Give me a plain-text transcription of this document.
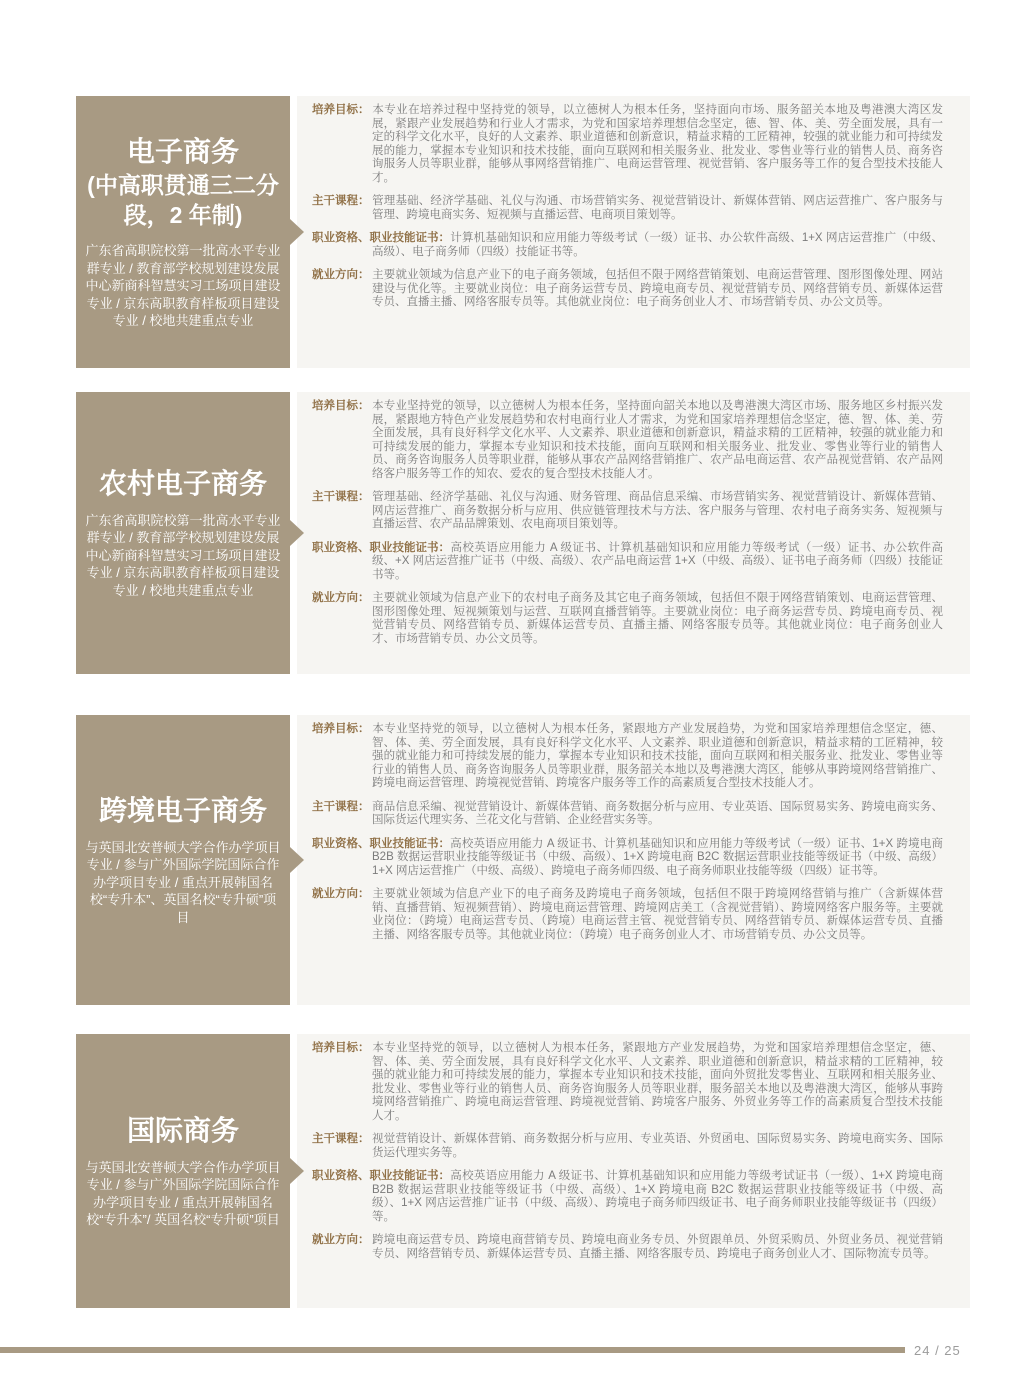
电子商务
(中高职贯通三二分段，2 年制)
广东省高职院校第一批高水平专业群专业 / 教育部学校规划建设发展中心新商科智慧实习工场项目建设专业 / 京东高职教育样板项目建设专业 / 校地共建重点专业

培养目标： 本专业在培养过程中坚持党的领导，以立德树人为根本任务，坚持面向市场、服务韶关本地及粤港澳大湾区发展，紧跟产业发展趋势和行业人才需求，为党和国家培养理想信念坚定，德、智、体、美、劳全面发展，具有一定的科学文化水平，良好的人文素养、职业道德和创新意识，精益求精的工匠精神，较强的就业能力和可持续发展的能力，掌握本专业知识和技术技能，面向互联网和相关服务业、批发业、零售业等行业的销售人员、商务咨询服务人员等职业群，能够从事网络营销推广、电商运营管理、视觉营销、客户服务等工作的复合型技术技能人才。

主干课程： 管理基础、经济学基础、礼仪与沟通、市场营销实务、视觉营销设计、新媒体营销、网店运营推广、客户服务与管理、跨境电商实务、短视频与直播运营、电商项目策划等。

职业资格、职业技能证书：计算机基础知识和应用能力等级考试（一级）证书、办公软件高级、1+X 网店运营推广（中级、高级）、电子商务师（四级）技能证书等。

就业方向： 主要就业领域为信息产业下的电子商务领域，包括但不限于网络营销策划、电商运营管理、图形图像处理、网站建设与优化等。主要就业岗位：电子商务运营专员、跨境电商专员、视觉营销专员、网络营销专员、新媒体运营专员、直播主播、网络客服专员等。其他就业岗位：电子商务创业人才、市场营销专员、办公文员等。

农村电子商务
广东省高职院校第一批高水平专业群专业 / 教育部学校规划建设发展中心新商科智慧实习工场项目建设专业 / 京东高职教育样板项目建设专业 / 校地共建重点专业

培养目标： 本专业坚持党的领导，以立德树人为根本任务，坚持面向韶关本地以及粤港澳大湾区市场、服务地区乡村振兴发展，紧跟地方特色产业发展趋势和农村电商行业人才需求，为党和国家培养理想信念坚定，德、智、体、美、劳全面发展，具有良好科学文化水平、人文素养、职业道德和创新意识，精益求精的工匠精神，较强的就业能力和可持续发展的能力，掌握本专业知识和技术技能，面向互联网和相关服务业、批发业、零售业等行业的销售人员、商务咨询服务人员等职业群，能够从事农产品网络营销推广、农产品电商运营、农产品视觉营销、农产品网络客户服务等工作的知农、爱农的复合型技术技能人才。

主干课程： 管理基础、经济学基础、礼仪与沟通、财务管理、商品信息采编、市场营销实务、视觉营销设计、新媒体营销、网店运营推广、商务数据分析与应用、供应链管理技术与方法、客户服务与管理、农村电子商务实务、短视频与直播运营、农产品品牌策划、农电商项目策划等。

职业资格、职业技能证书：高校英语应用能力 A 级证书、计算机基础知识和应用能力等级考试（一级）证书、办公软件高级、+X 网店运营推广证书（中级、高级）、农产品电商运营 1+X（中级、高级）、证书电子商务师（四级）技能证书等。

就业方向： 主要就业领域为信息产业下的农村电子商务及其它电子商务领域，包括但不限于网络营销策划、电商运营管理、图形图像处理、短视频策划与运营、互联网直播营销等。主要就业岗位：电子商务运营专员、跨境电商专员、视觉营销专员、网络营销专员、新媒体运营专员、直播主播、网络客服专员等。其他就业岗位：电子商务创业人才、市场营销专员、办公文员等。

跨境电子商务
与英国北安普顿大学合作办学项目专业 / 参与广外国际学院国际合作办学项目专业 / 重点开展韩国名校“专升本”、英国名校“专升硕”项目

培养目标： 本专业坚持党的领导，以立德树人为根本任务，紧跟地方产业发展趋势，为党和国家培养理想信念坚定，德、智、体、美、劳全面发展，具有良好科学文化水平、人文素养、职业道德和创新意识，精益求精的工匠精神，较强的就业能力和可持续发展的能力，掌握本专业知识和技术技能，面向互联网和相关服务业、批发业、零售业等行业的销售人员、商务咨询服务人员等职业群，服务韶关本地以及粤港澳大湾区，能够从事跨境网络营销推广、跨境电商运营管理、跨境视觉营销、跨境客户服务等工作的高素质复合型技术技能人才。

主干课程： 商品信息采编、视觉营销设计、新媒体营销、商务数据分析与应用、专业英语、国际贸易实务、跨境电商实务、国际货运代理实务、兰花文化与营销、企业经营实务等。

职业资格、职业技能证书：高校英语应用能力 A 级证书、计算机基础知识和应用能力等级考试（一级）证书、1+X 跨境电商 B2B 数据运营职业技能等级证书（中级、高级）、1+X 跨境电商 B2C 数据运营职业技能等级证书（中级、高级）1+X 网店运营推广（中级、高级）、跨境电子商务师四级、电子商务师职业技能等级（四级）证书等。

就业方向： 主要就业领域为信息产业下的电子商务及跨境电子商务领域，包括但不限于跨境网络营销与推广（含新媒体营销、直播营销、短视频营销）、跨境电商运营管理、跨境网店美工（含视觉营销）、跨境网络客户服务等。主要就业岗位：（跨境）电商运营专员、（跨境）电商运营主管、视觉营销专员、网络营销专员、新媒体运营专员、直播主播、网络客服专员等。其他就业岗位：（跨境）电子商务创业人才、市场营销专员、办公文员等。

国际商务
与英国北安普顿大学合作办学项目专业 / 参与广外国际学院国际合作办学项目专业 / 重点开展韩国名校“专升本”/ 英国名校“专升硕”项目

培养目标： 本专业坚持党的领导，以立德树人为根本任务，紧跟地方产业发展趋势，为党和国家培养理想信念坚定，德、智、体、美、劳全面发展，具有良好科学文化水平、人文素养、职业道德和创新意识，精益求精的工匠精神，较强的就业能力和可持续发展的能力，掌握本专业知识和技术技能，面向外贸批发零售业、互联网和相关服务业、批发业、零售业等行业的销售人员、商务咨询服务人员等职业群，服务韶关本地以及粤港澳大湾区，能够从事跨境网络营销推广、跨境电商运营管理、跨境视觉营销、跨境客户服务、外贸业务等工作的高素质复合型技术技能人才。

主干课程： 视觉营销设计、新媒体营销、商务数据分析与应用、专业英语、外贸函电、国际贸易实务、跨境电商实务、国际货运代理实务等。

职业资格、职业技能证书：高校英语应用能力 A 级证书、计算机基础知识和应用能力等级考试证书（一级）、1+X 跨境电商 B2B 数据运营职业技能等级证书（中级、高级）、1+X 跨境电商 B2C 数据运营职业技能等级证书（中级、高级）、1+X 网店运营推广证书（中级、高级）、跨境电子商务师四级证书、电子商务师职业技能等级证书（四级）等。

就业方向： 跨境电商运营专员、跨境电商营销专员、跨境电商业务专员、外贸跟单员、外贸采购员、外贸业务员、视觉营销专员、网络营销专员、新媒体运营专员、直播主播、网络客服专员、跨境电子商务创业人才、国际物流专员等。

24 / 25
